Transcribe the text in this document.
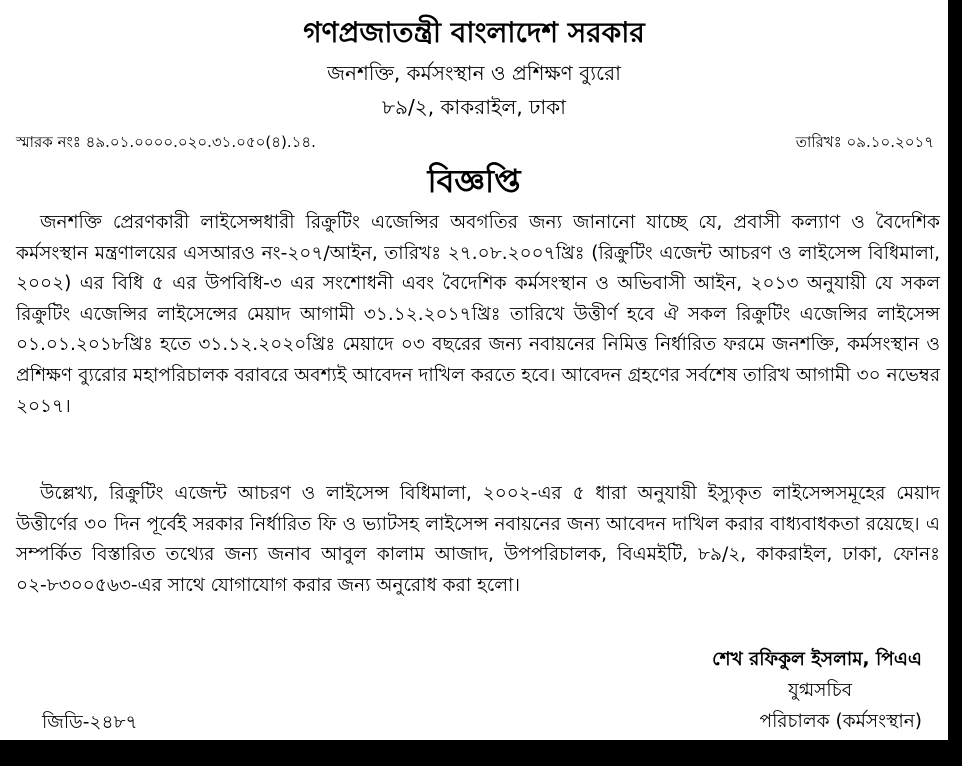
গণপ্রজাতন্ত্রী বাংলাদেশ সরকার
জনশক্তি, কর্মসংস্থান ও প্রশিক্ষণ ব্যুরো
৮৯/২, কাকরাইল, ঢাকা
স্মারক নংঃ ৪৯.০১.০০০০.০২০.৩১.০৫০(৪).১৪.	তারিখঃ ০৯.১০.২০১৭
বিজ্ঞপ্তি

জনশক্তি প্রেরণকারী লাইসেন্সধারী রিক্রুটিং এজেন্সির অবগতির জন্য জানানো যাচ্ছে যে, প্রবাসী কল্যাণ ও বৈদেশিক কর্মসংস্থান মন্ত্রণালয়ের এসআরও নং-২০৭/আইন, তারিখঃ ২৭.০৮.২০০৭খ্রিঃ (রিক্রুটিং এজেন্ট আচরণ ও লাইসেন্স বিধিমালা, ২০০২) এর বিধি ৫ এর উপবিধি-৩ এর সংশোধনী এবং বৈদেশিক কর্মসংস্থান ও অভিবাসী আইন, ২০১৩ অনুযায়ী যে সকল রিক্রুটিং এজেন্সির লাইসেন্সের মেয়াদ আগামী ৩১.১২.২০১৭খ্রিঃ তারিখে উত্তীর্ণ হবে ঐ সকল রিক্রুটিং এজেন্সির লাইসেন্স ০১.০১.২০১৮খ্রিঃ হতে ৩১.১২.২০২০খ্রিঃ মেয়াদে ০৩ বছরের জন্য নবায়নের নিমিত্ত নির্ধারিত ফরমে জনশক্তি, কর্মসংস্থান ও প্রশিক্ষণ ব্যুরোর মহাপরিচালক বরাবরে অবশ্যই আবেদন দাখিল করতে হবে। আবেদন গ্রহণের সর্বশেষ তারিখ আগামী ৩০ নভেম্বর ২০১৭।

উল্লেখ্য, রিক্রুটিং এজেন্ট আচরণ ও লাইসেন্স বিধিমালা, ২০০২-এর ৫ ধারা অনুযায়ী ইস্যুকৃত লাইসেন্সসমূহের মেয়াদ উত্তীর্ণের ৩০ দিন পূর্বেই সরকার নির্ধারিত ফি ও ভ্যাটসহ লাইসেন্স নবায়নের জন্য আবেদন দাখিল করার বাধ্যবাধকতা রয়েছে। এ সম্পর্কিত বিস্তারিত তথ্যের জন্য জনাব আবুল কালাম আজাদ, উপপরিচালক, বিএমইটি, ৮৯/২, কাকরাইল, ঢাকা, ফোনঃ ০২-৮৩০০৫৬৩-এর সাথে যোগাযোগ করার জন্য অনুরোধ করা হলো।

শেখ রফিকুল ইসলাম, পিএএ
যুগ্মসচিব
পরিচালক (কর্মসংস্থান)
জিডি-২৪৮৭
